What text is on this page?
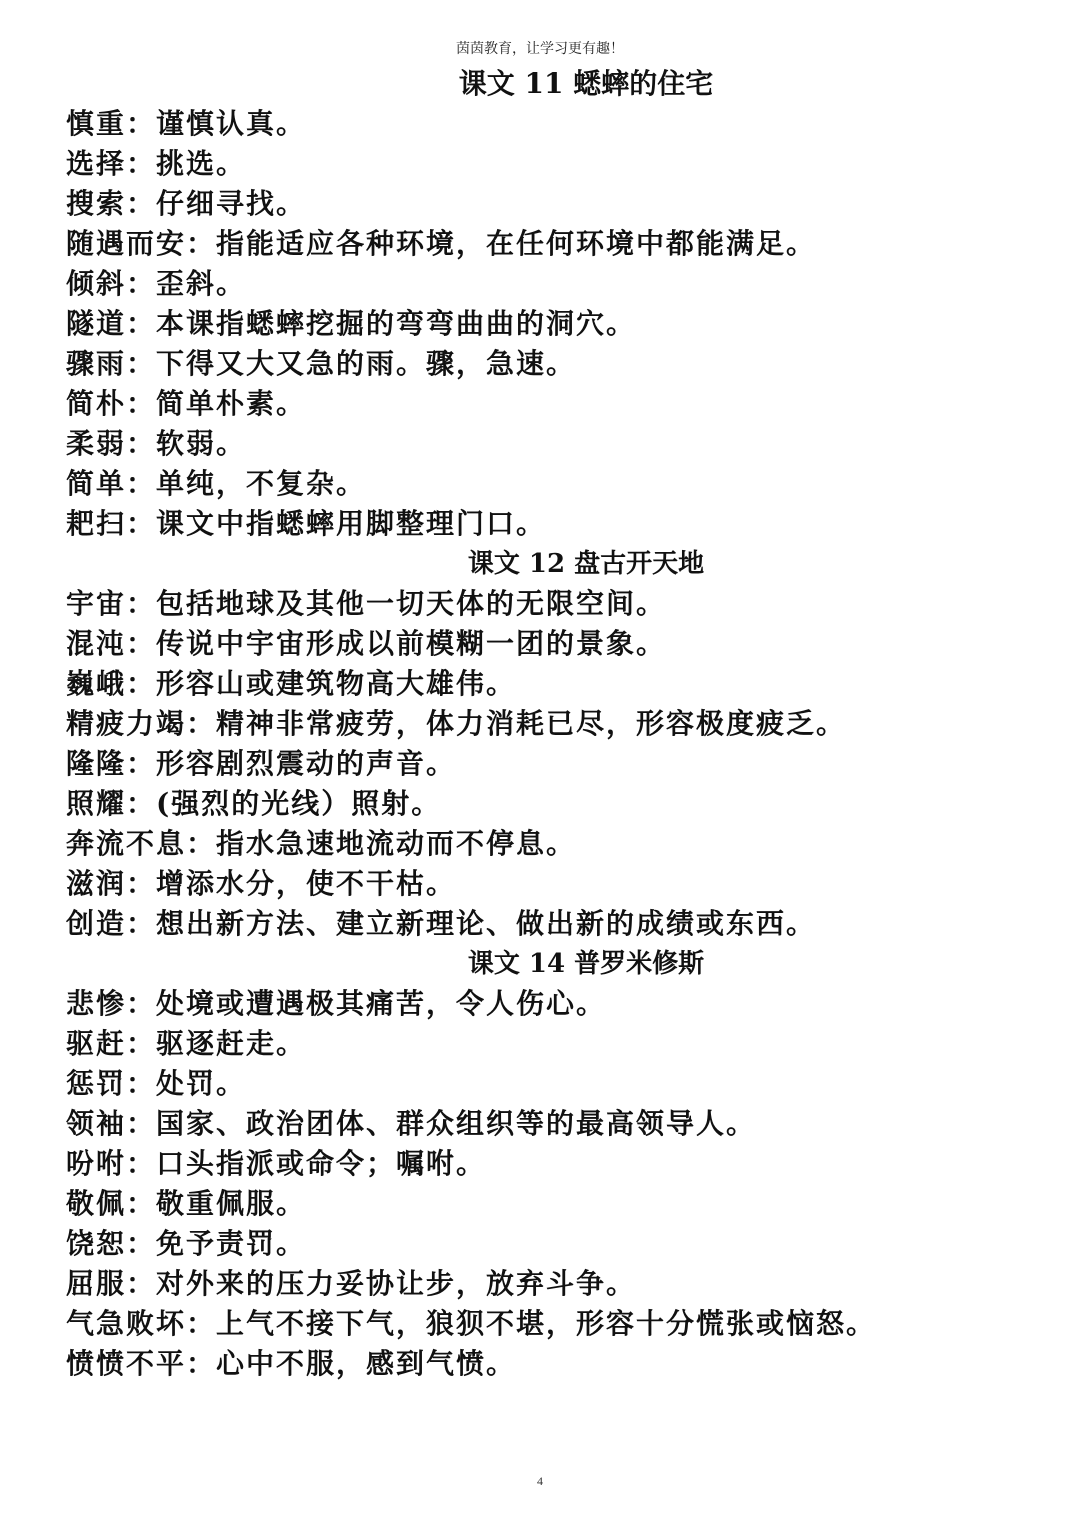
茵茵教育，让学习更有趣！
课文 11 蟋蟀的住宅
慎重：谨慎认真。
选择：挑选。
搜索：仔细寻找。
随遇而安：指能适应各种环境，在任何环境中都能满足。
倾斜：歪斜。
隧道：本课指蟋蟀挖掘的弯弯曲曲的洞穴。
骤雨：下得又大又急的雨。骤，急速。
简朴：简单朴素。
柔弱：软弱。
简单：单纯，不复杂。
耙扫：课文中指蟋蟀用脚整理门口。
课文 12 盘古开天地
宇宙：包括地球及其他一切天体的无限空间。
混沌：传说中宇宙形成以前模糊一团的景象。
巍峨：形容山或建筑物高大雄伟。
精疲力竭：精神非常疲劳，体力消耗已尽，形容极度疲乏。
隆隆：形容剧烈震动的声音。
照耀：(强烈的光线）照射。
奔流不息：指水急速地流动而不停息。
滋润：增添水分，使不干枯。
创造：想出新方法、建立新理论、做出新的成绩或东西。
课文 14 普罗米修斯
悲惨：处境或遭遇极其痛苦，令人伤心。
驱赶：驱逐赶走。
惩罚：处罚。
领袖：国家、政治团体、群众组织等的最高领导人。
吩咐：口头指派或命令；嘱咐。
敬佩：敬重佩服。
饶恕：免予责罚。
屈服：对外来的压力妥协让步，放弃斗争。
气急败坏：上气不接下气，狼狈不堪，形容十分慌张或恼怒。
愤愤不平：心中不服，感到气愤。
4
